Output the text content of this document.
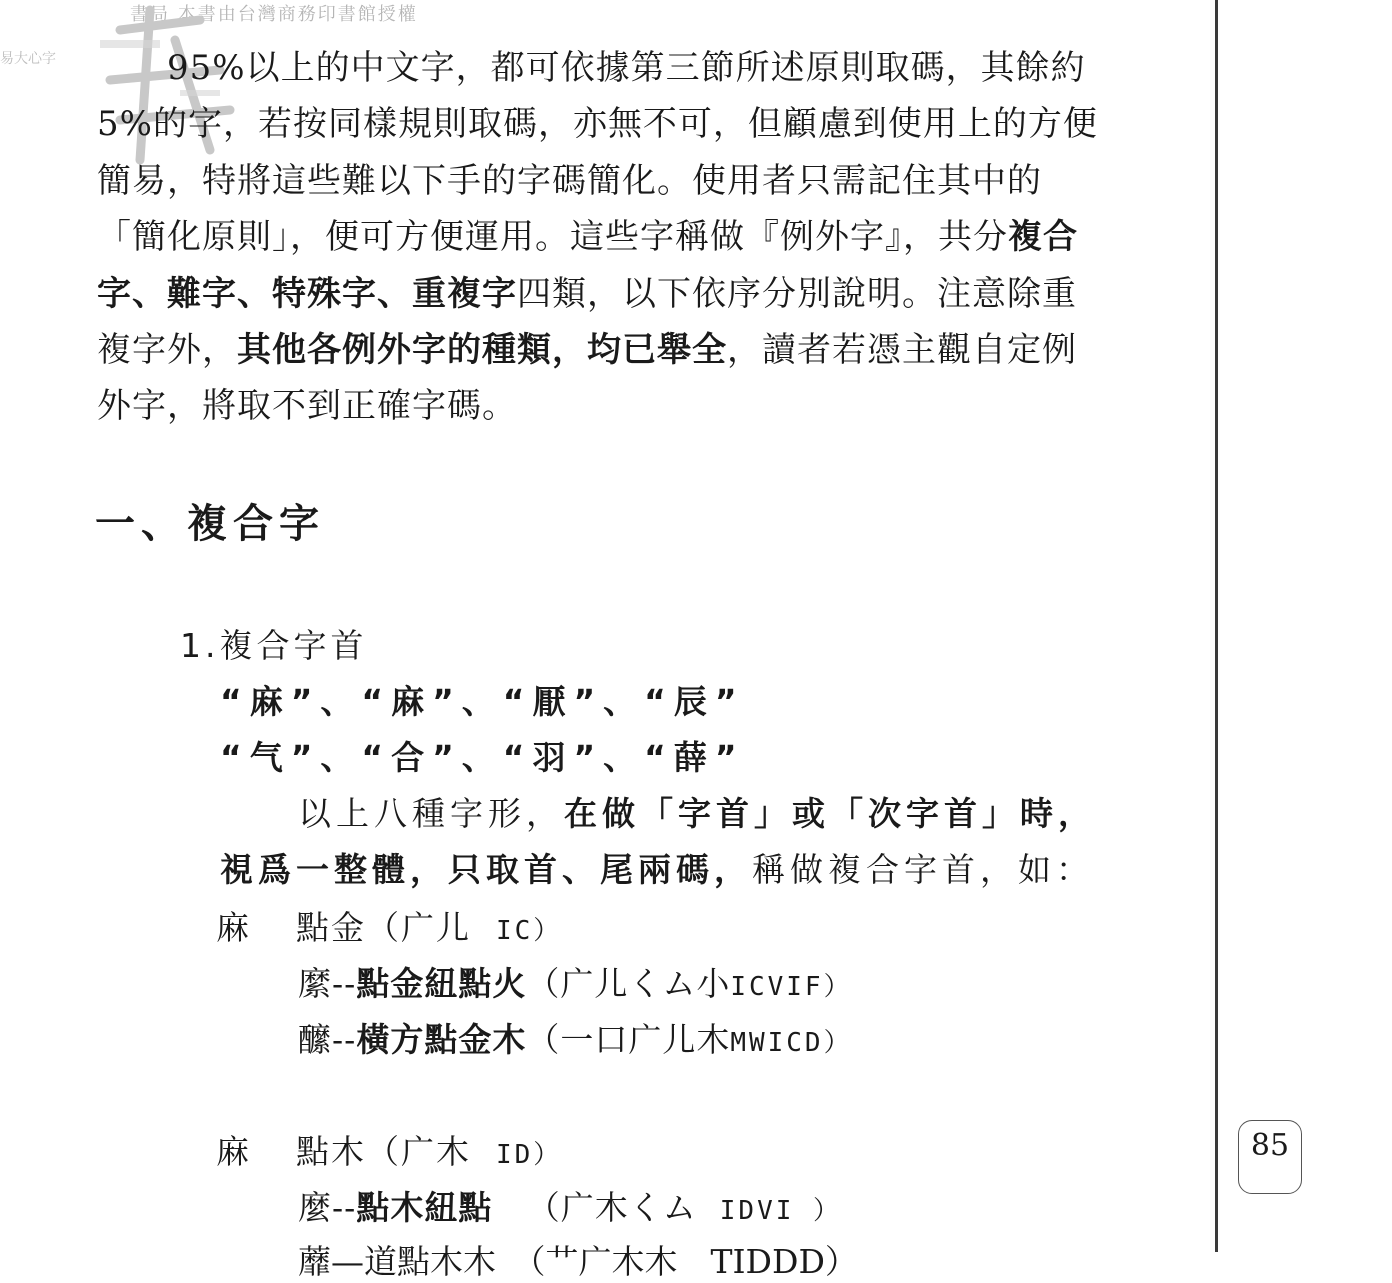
書局 本書由台灣商務印書館授權
易大心字	95%以上的中文字，都可依據第三節所述原則取碼，其餘約
5%的字，若按同樣規則取碼，亦無不可，但顧慮到使用上的方便
簡易，特將這些難以下手的字碼簡化。使用者只需記住其中的
「簡化原則」，便可方便運用。這些字稱做『例外字』，共分複合
字、難字、特殊字、重複字四類，以下依序分別說明。注意除重
複字外，其他各例外字的種類，均已舉全，讀者若憑主觀自定例
外字，將取不到正確字碼。
一、複合字
1.複合字首
“麻”、“麻”、“厭”、“辰”
“气”、“合”、“羽”、“薛”
以上八種字形，在做「字首」或「次字首」時，
視爲一整體，只取首、尾兩碼，稱做複合字首，如：
麻 點金（广儿 IC）
縻--點金紐點火（广儿くム小ICVIF）
醿--橫方點金木（一口广儿木MWICD）
麻 點木（广木 ID）
麼--點木紐點 （广木くム IDVI ）
蘼—道點木木　（艹广木木　TIDDD）
85
